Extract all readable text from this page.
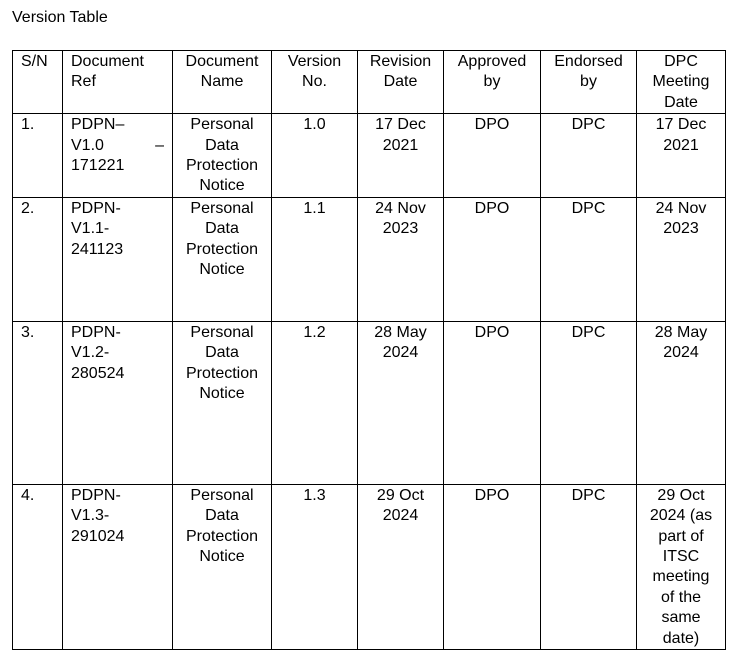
Version Table
S/N	Document Ref	Document Name	Version No.	Revision Date	Approved by	Endorsed by	DPC Meeting Date
1.	PDPN–
V1.0 –
171221	Personal Data Protection Notice	1.0	17 Dec 2021	DPO	DPC	17 Dec 2021
2.	PDPN-
V1.1-
241123	Personal Data Protection Notice	1.1	24 Nov 2023	DPO	DPC	24 Nov 2023
3.	PDPN-
V1.2-
280524	Personal Data Protection Notice	1.2	28 May 2024	DPO	DPC	28 May 2024
4.	PDPN-
V1.3-
291024	Personal Data Protection Notice	1.3	29 Oct 2024	DPO	DPC	29 Oct 2024 (as part of ITSC meeting of the same date)
